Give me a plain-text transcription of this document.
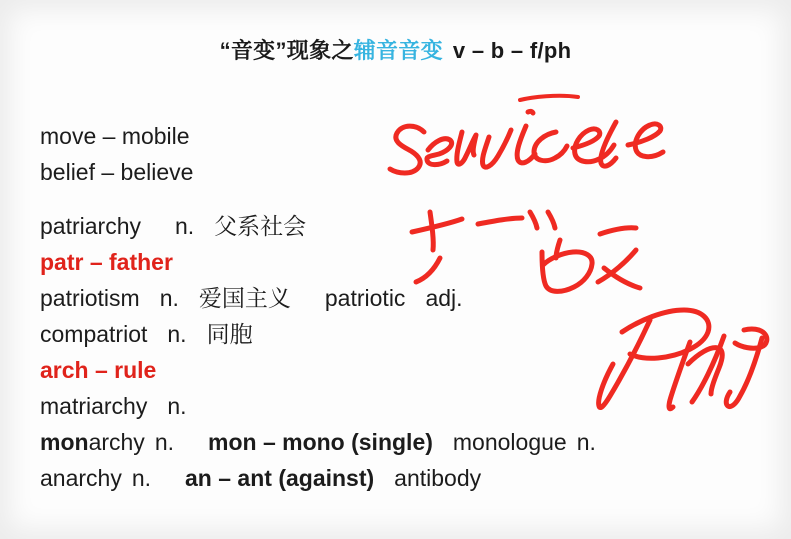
“音变”现象之辅音音变 v – b – f/ph
move – mobile
belief – believe
patriarchy n. 父系社会
patr – father
patriotism n. 爱国主义 patriotic adj.
compatriot n. 同胞
arch – rule
matriarchy n.
monarchy n. mon – mono (single) monologue n.
anarchy n. an – ant (against) antibody
